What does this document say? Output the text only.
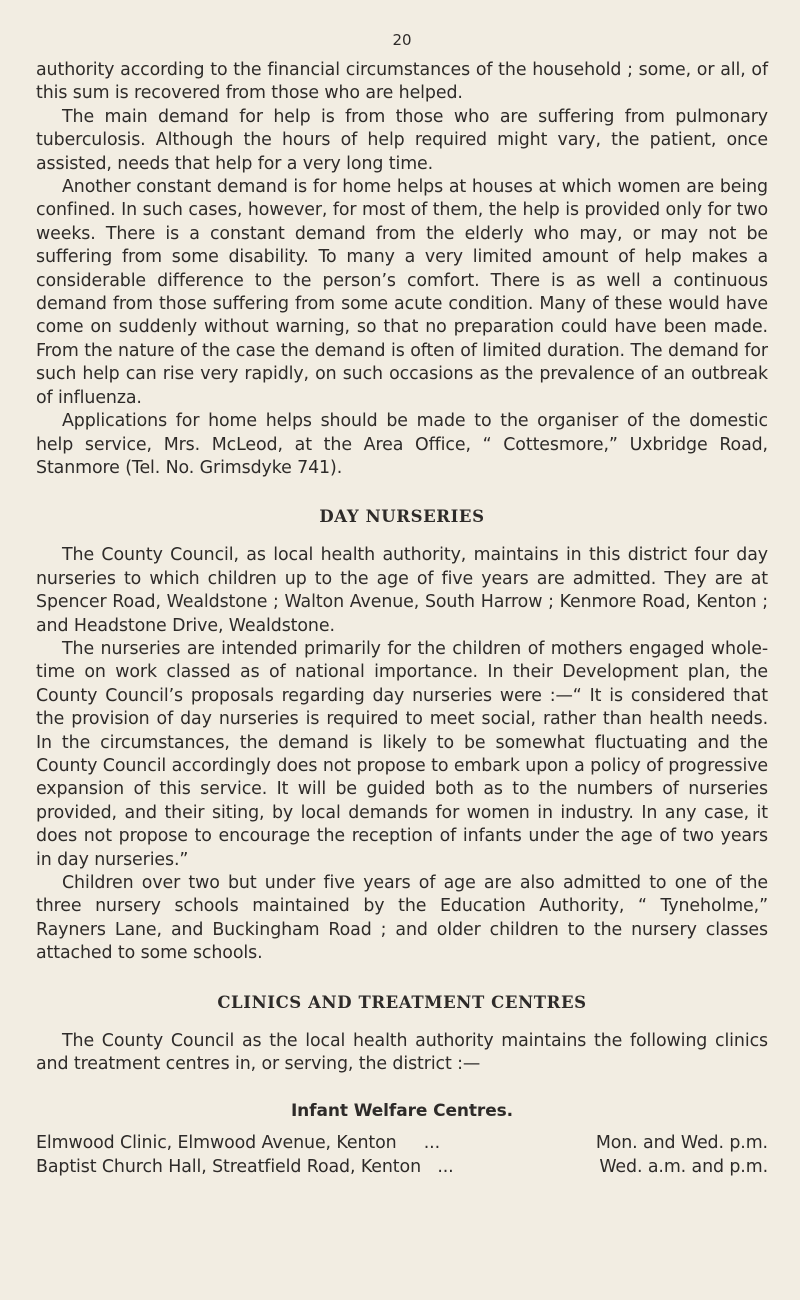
20

authority according to the financial circumstances of the household ; some, or all, of this sum is recovered from those who are helped.

The main demand for help is from those who are suffering from pulmonary tuberculosis. Although the hours of help required might vary, the patient, once assisted, needs that help for a very long time.

Another constant demand is for home helps at houses at which women are being confined. In such cases, however, for most of them, the help is provided only for two weeks. There is a constant demand from the elderly who may, or may not be suffering from some disability. To many a very limited amount of help makes a considerable difference to the person’s comfort. There is as well a continuous demand from those suffering from some acute condition. Many of these would have come on suddenly without warning, so that no preparation could have been made. From the nature of the case the demand is often of limited duration. The demand for such help can rise very rapidly, on such occasions as the prevalence of an outbreak of influenza.

Applications for home helps should be made to the organiser of the domestic help service, Mrs. McLeod, at the Area Office, “ Cottesmore,” Uxbridge Road, Stanmore (Tel. No. Grimsdyke 741).

DAY NURSERIES

The County Council, as local health authority, maintains in this district four day nurseries to which children up to the age of five years are admitted. They are at Spencer Road, Wealdstone ; Walton Avenue, South Harrow ; Kenmore Road, Kenton ; and Headstone Drive, Wealdstone.

The nurseries are intended primarily for the children of mothers engaged whole-time on work classed as of national importance. In their Development plan, the County Council’s proposals regarding day nurseries were :—“ It is considered that the provision of day nurseries is required to meet social, rather than health needs. In the circumstances, the demand is likely to be somewhat fluctuating and the County Council accordingly does not propose to embark upon a policy of progressive expansion of this service. It will be guided both as to the numbers of nurseries provided, and their siting, by local demands for women in industry. In any case, it does not propose to encourage the reception of infants under the age of two years in day nurseries.”

Children over two but under five years of age are also admitted to one of the three nursery schools maintained by the Education Authority, “ Tyneholme,” Rayners Lane, and Buckingham Road ; and older children to the nursery classes attached to some schools.

CLINICS AND TREATMENT CENTRES

The County Council as the local health authority maintains the following clinics and treatment centres in, or serving, the district :—

Infant Welfare Centres.
Elmwood Clinic, Elmwood Avenue, Kenton ...	Mon. and Wed. p.m.
Baptist Church Hall, Streatfield Road, Kenton ...	Wed. a.m. and p.m.
